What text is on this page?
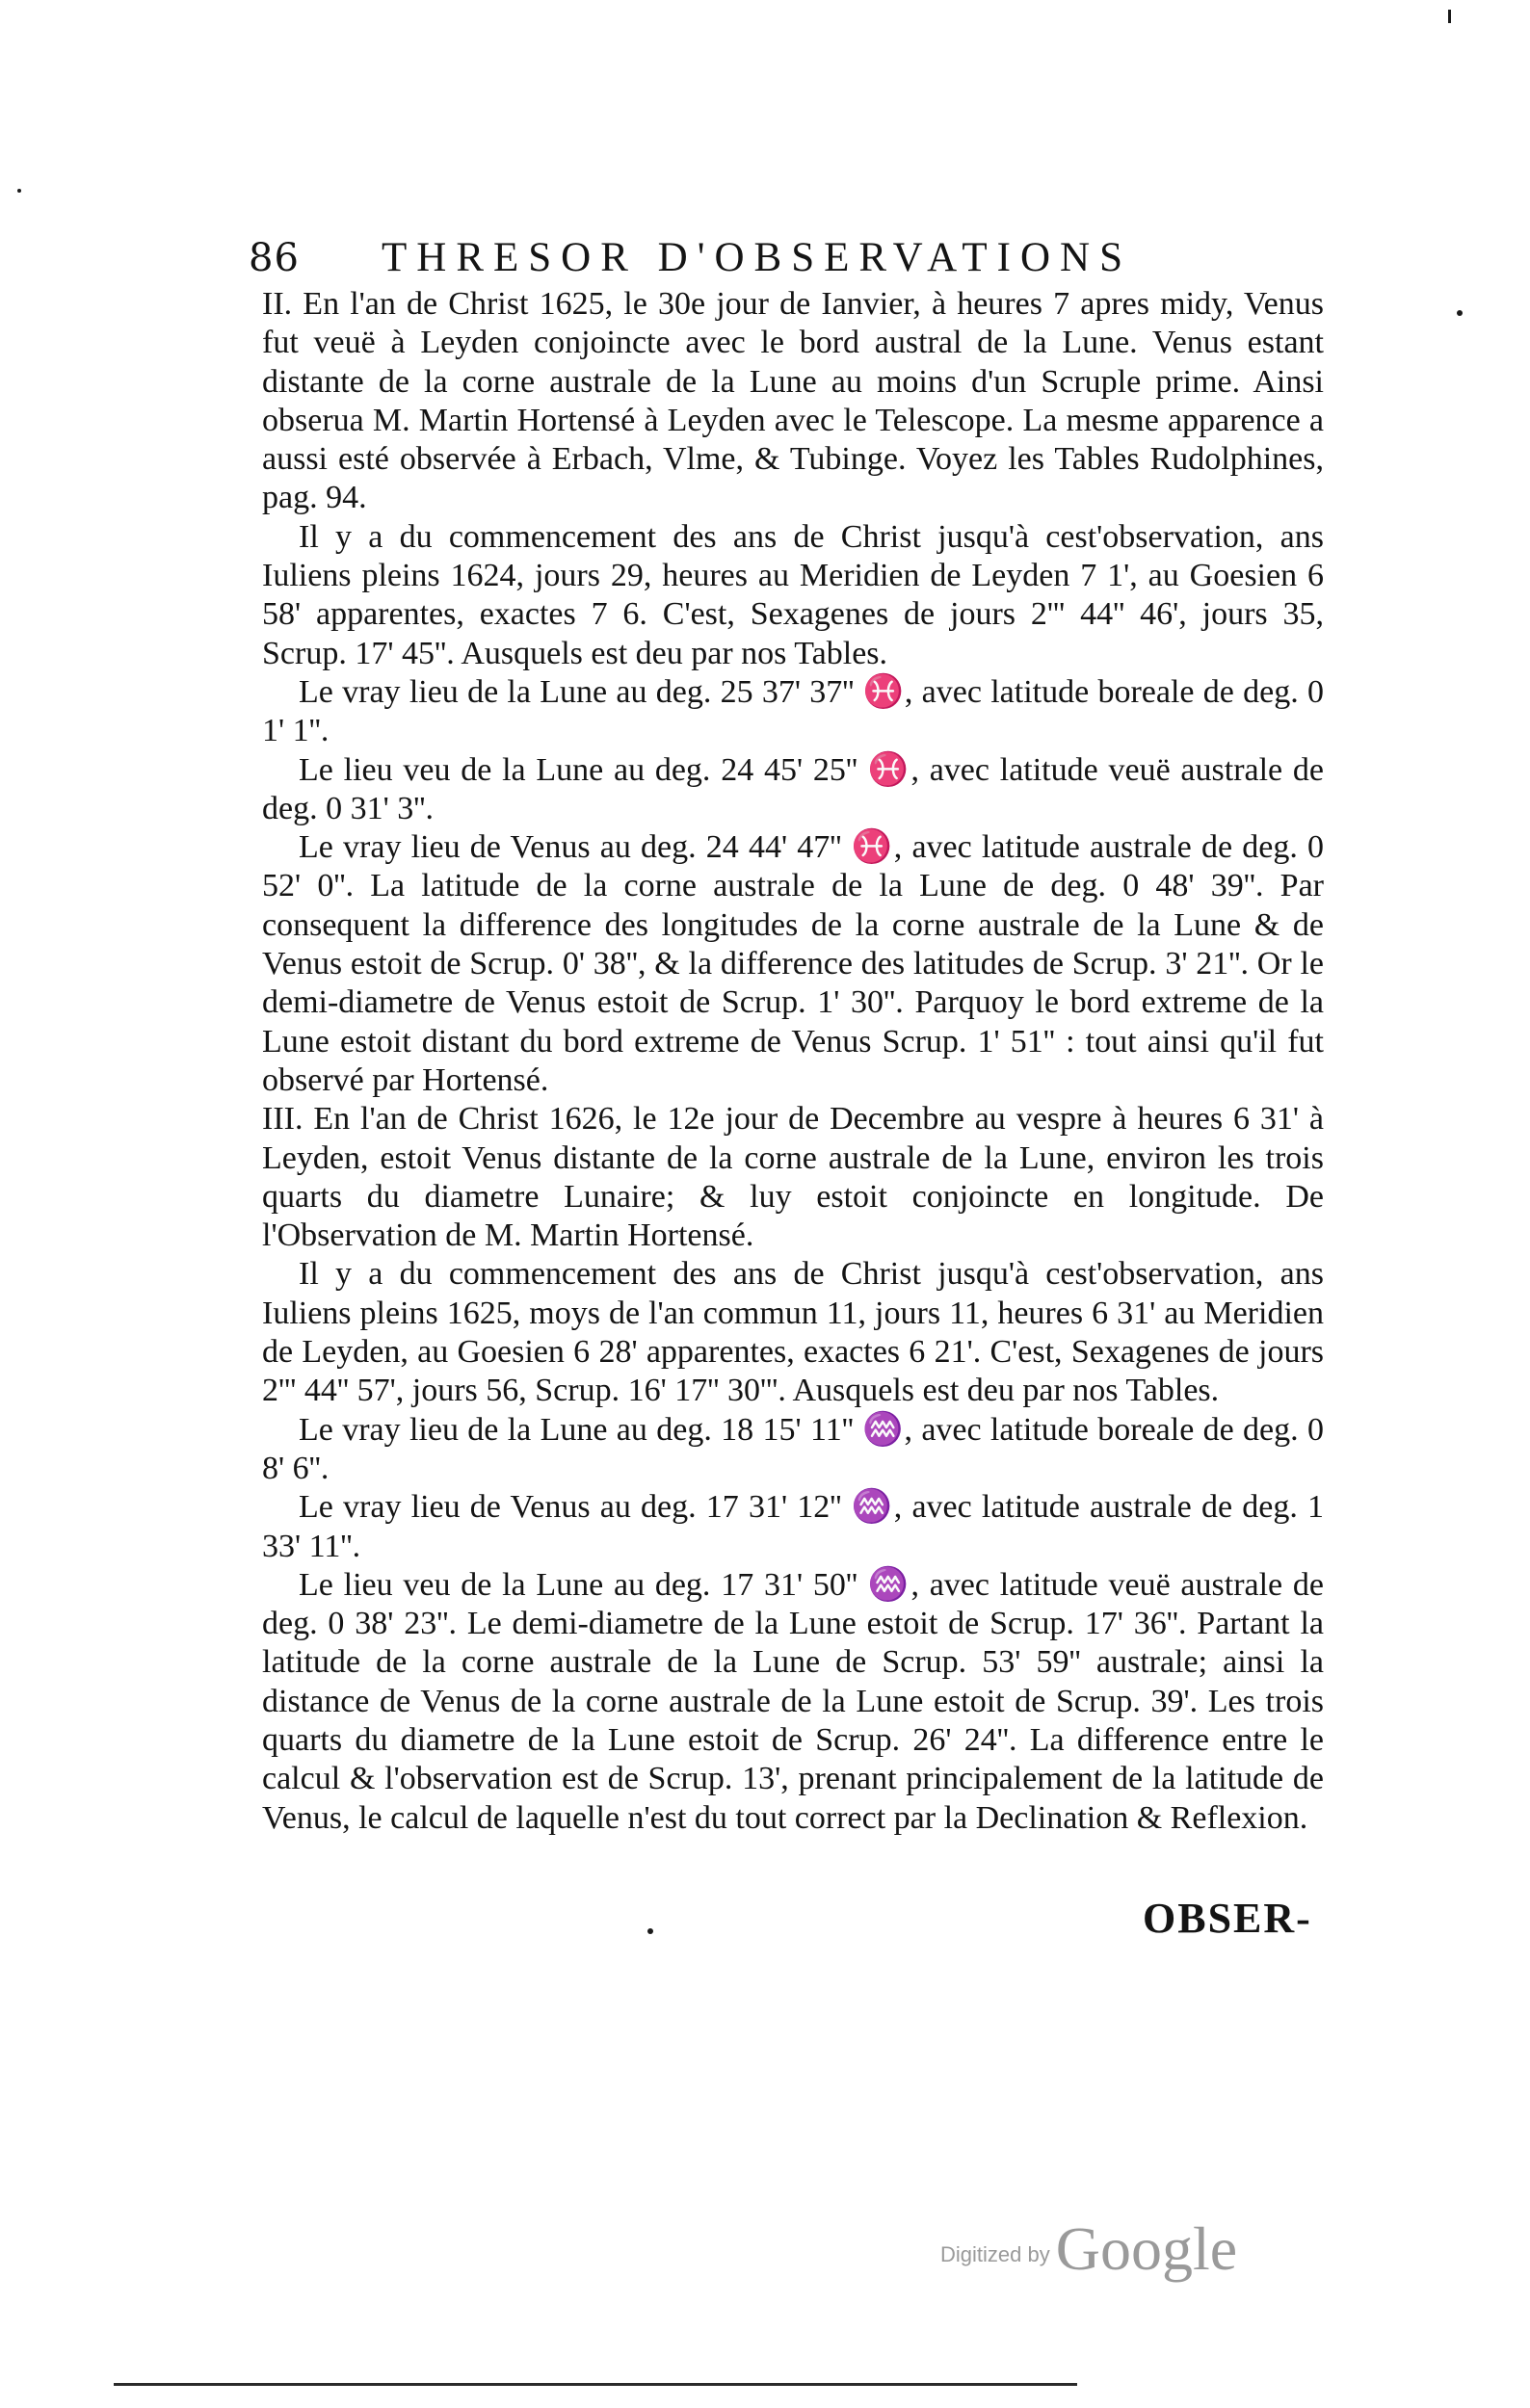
86 THRESOR D'OBSERVATIONS

II. En l'an de Christ 1625, le 30e jour de Ianvier, à heures 7 apres midy, Venus fut veuë à Leyden conjoincte avec le bord austral de la Lune. Venus estant distante de la corne australe de la Lune au moins d'un Scruple prime. Ainsi obserua M. Martin Hortensé à Leyden avec le Telescope. La mesme apparence a aussi esté observée à Erbach, Vlme, & Tubinge. Voyez les Tables Rudolphines, pag. 94.

Il y a du commencement des ans de Christ jusqu'à cest'observation, ans Iuliens pleins 1624, jours 29, heures au Meridien de Leyden 7 1', au Goesien 6 58' apparentes, exactes 7 6. C'est, Sexagenes de jours 2''' 44'' 46', jours 35, Scrup. 17' 45''. Ausquels est deu par nos Tables.

Le vray lieu de la Lune au deg. 25 37' 37'' ♓, avec latitude boreale de deg. 0 1' 1''.

Le lieu veu de la Lune au deg. 24 45' 25'' ♓, avec latitude veuë australe de deg. 0 31' 3''.

Le vray lieu de Venus au deg. 24 44' 47'' ♓, avec latitude australe de deg. 0 52' 0''. La latitude de la corne australe de la Lune de deg. 0 48' 39''. Par consequent la difference des longitudes de la corne australe de la Lune & de Venus estoit de Scrup. 0' 38'', & la difference des latitudes de Scrup. 3' 21''. Or le demi-diametre de Venus estoit de Scrup. 1' 30''. Parquoy le bord extreme de la Lune estoit distant du bord extreme de Venus Scrup. 1' 51'' : tout ainsi qu'il fut observé par Hortensé.

III. En l'an de Christ 1626, le 12e jour de Decembre au vespre à heures 6 31' à Leyden, estoit Venus distante de la corne australe de la Lune, environ les trois quarts du diametre Lunaire; & luy estoit conjoincte en longitude. De l'Observation de M. Martin Hortensé.

Il y a du commencement des ans de Christ jusqu'à cest'observation, ans Iuliens pleins 1625, moys de l'an commun 11, jours 11, heures 6 31' au Meridien de Leyden, au Goesien 6 28' apparentes, exactes 6 21'. C'est, Sexagenes de jours 2''' 44'' 57', jours 56, Scrup. 16' 17'' 30'''. Ausquels est deu par nos Tables.

Le vray lieu de la Lune au deg. 18 15' 11'' ♒, avec latitude boreale de deg. 0 8' 6''.

Le vray lieu de Venus au deg. 17 31' 12'' ♒, avec latitude australe de deg. 1 33' 11''.

Le lieu veu de la Lune au deg. 17 31' 50'' ♒, avec latitude veuë australe de deg. 0 38' 23''. Le demi-diametre de la Lune estoit de Scrup. 17' 36''. Partant la latitude de la corne australe de la Lune de Scrup. 53' 59'' australe; ainsi la distance de Venus de la corne australe de la Lune estoit de Scrup. 39'. Les trois quarts du diametre de la Lune estoit de Scrup. 26' 24''. La difference entre le calcul & l'observation est de Scrup. 13', prenant principalement de la latitude de Venus, le calcul de laquelle n'est du tout correct par la Declination & Reflexion.

OBSER-
Digitized byGoogle
